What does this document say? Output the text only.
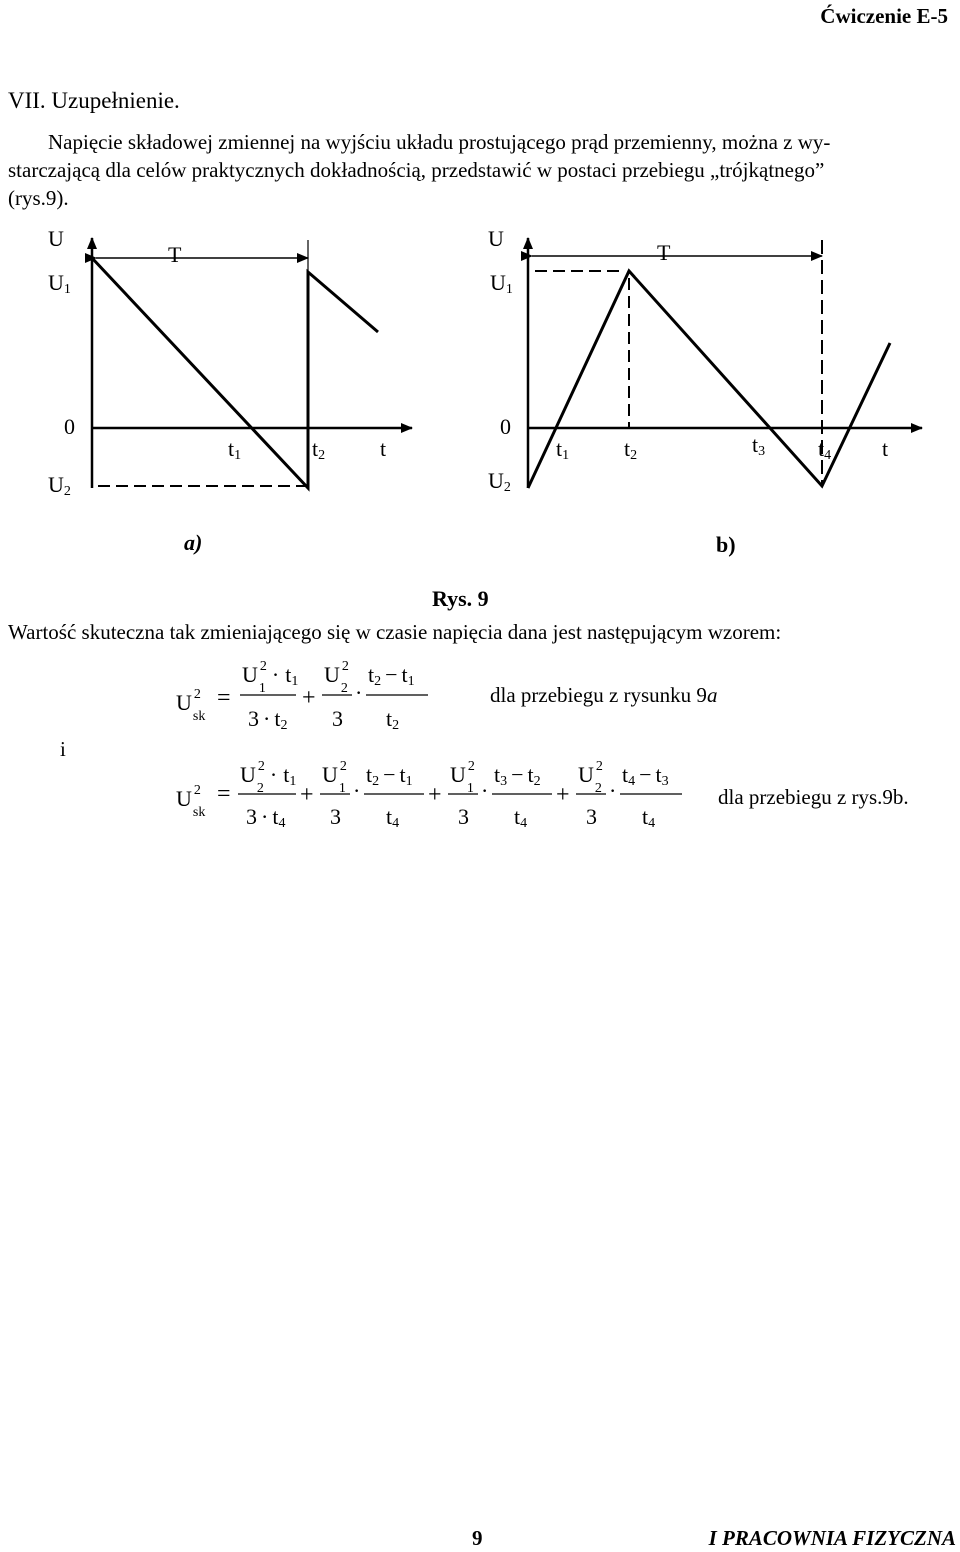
Ćwiczenie E-5
VII. Uzupełnienie.

Napięcie składowej zmiennej na wyjściu układu prostującego prąd przemienny, można z wy-

starczającą dla celów praktycznych dokładnością, przedstawić w postaci przebiegu „trójkątnego”

(rys.9).

U
U1
0
U2
T
t1	t2 t
a)
U
U1
0
U2
T
t1 t2	t3 t4 t
b)
Rys. 9
Wartość skuteczna tak zmieniającego się w czasie napięcia dana jest następującym wzorem:
U $^2$ sk
=
U $^2$ 1· t1
3 · t2
+
U $^2$ 2
3
·
t2 − t1
t2
dla przebiegu z rysunku 9a
i
U $^2$ sk
=
U $^2$ 2· t1
3 · t4
+
U $^2$ 1
3
·
t2 − t1
t4
+
U $^2$ 1
3
·
t3 − t2
t4
+
U $^2$ 2
3
·
t4 − t3
t4
dla przebiegu z rys.9b.
9	I PRACOWNIA FIZYCZNA
